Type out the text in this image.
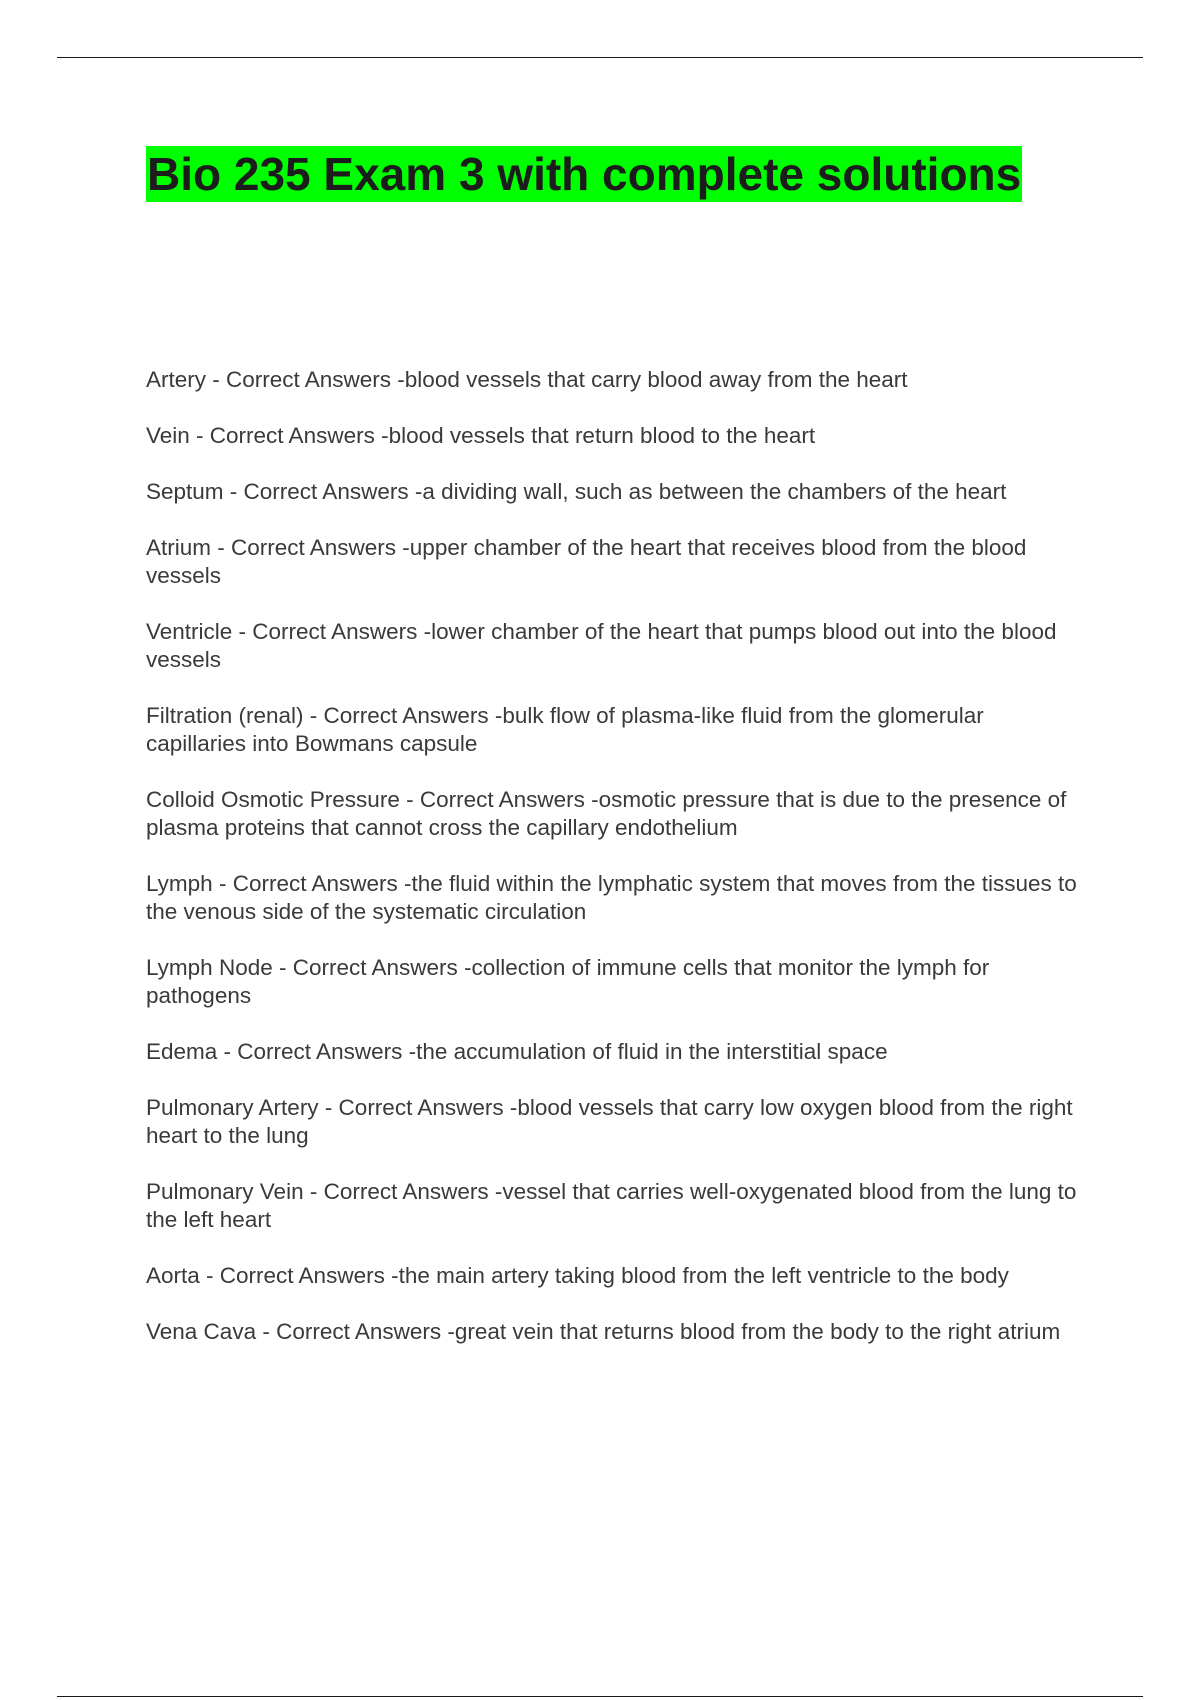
Bio 235 Exam 3 with complete solutions
Artery - Correct Answers -blood vessels that carry blood away from the heart
Vein - Correct Answers -blood vessels that return blood to the heart
Septum - Correct Answers -a dividing wall, such as between the chambers of the heart
Atrium - Correct Answers -upper chamber of the heart that receives blood from the blood vessels
Ventricle - Correct Answers -lower chamber of the heart that pumps blood out into the blood vessels
Filtration (renal) - Correct Answers -bulk flow of plasma-like fluid from the glomerular capillaries into Bowmans capsule
Colloid Osmotic Pressure - Correct Answers -osmotic pressure that is due to the presence of plasma proteins that cannot cross the capillary endothelium
Lymph - Correct Answers -the fluid within the lymphatic system that moves from the tissues to the venous side of the systematic circulation
Lymph Node - Correct Answers -collection of immune cells that monitor the lymph for pathogens
Edema - Correct Answers -the accumulation of fluid in the interstitial space
Pulmonary Artery - Correct Answers -blood vessels that carry low oxygen blood from the right heart to the lung
Pulmonary Vein - Correct Answers -vessel that carries well-oxygenated blood from the lung to the left heart
Aorta - Correct Answers -the main artery taking blood from the left ventricle to the body
Vena Cava - Correct Answers -great vein that returns blood from the body to the right atrium
